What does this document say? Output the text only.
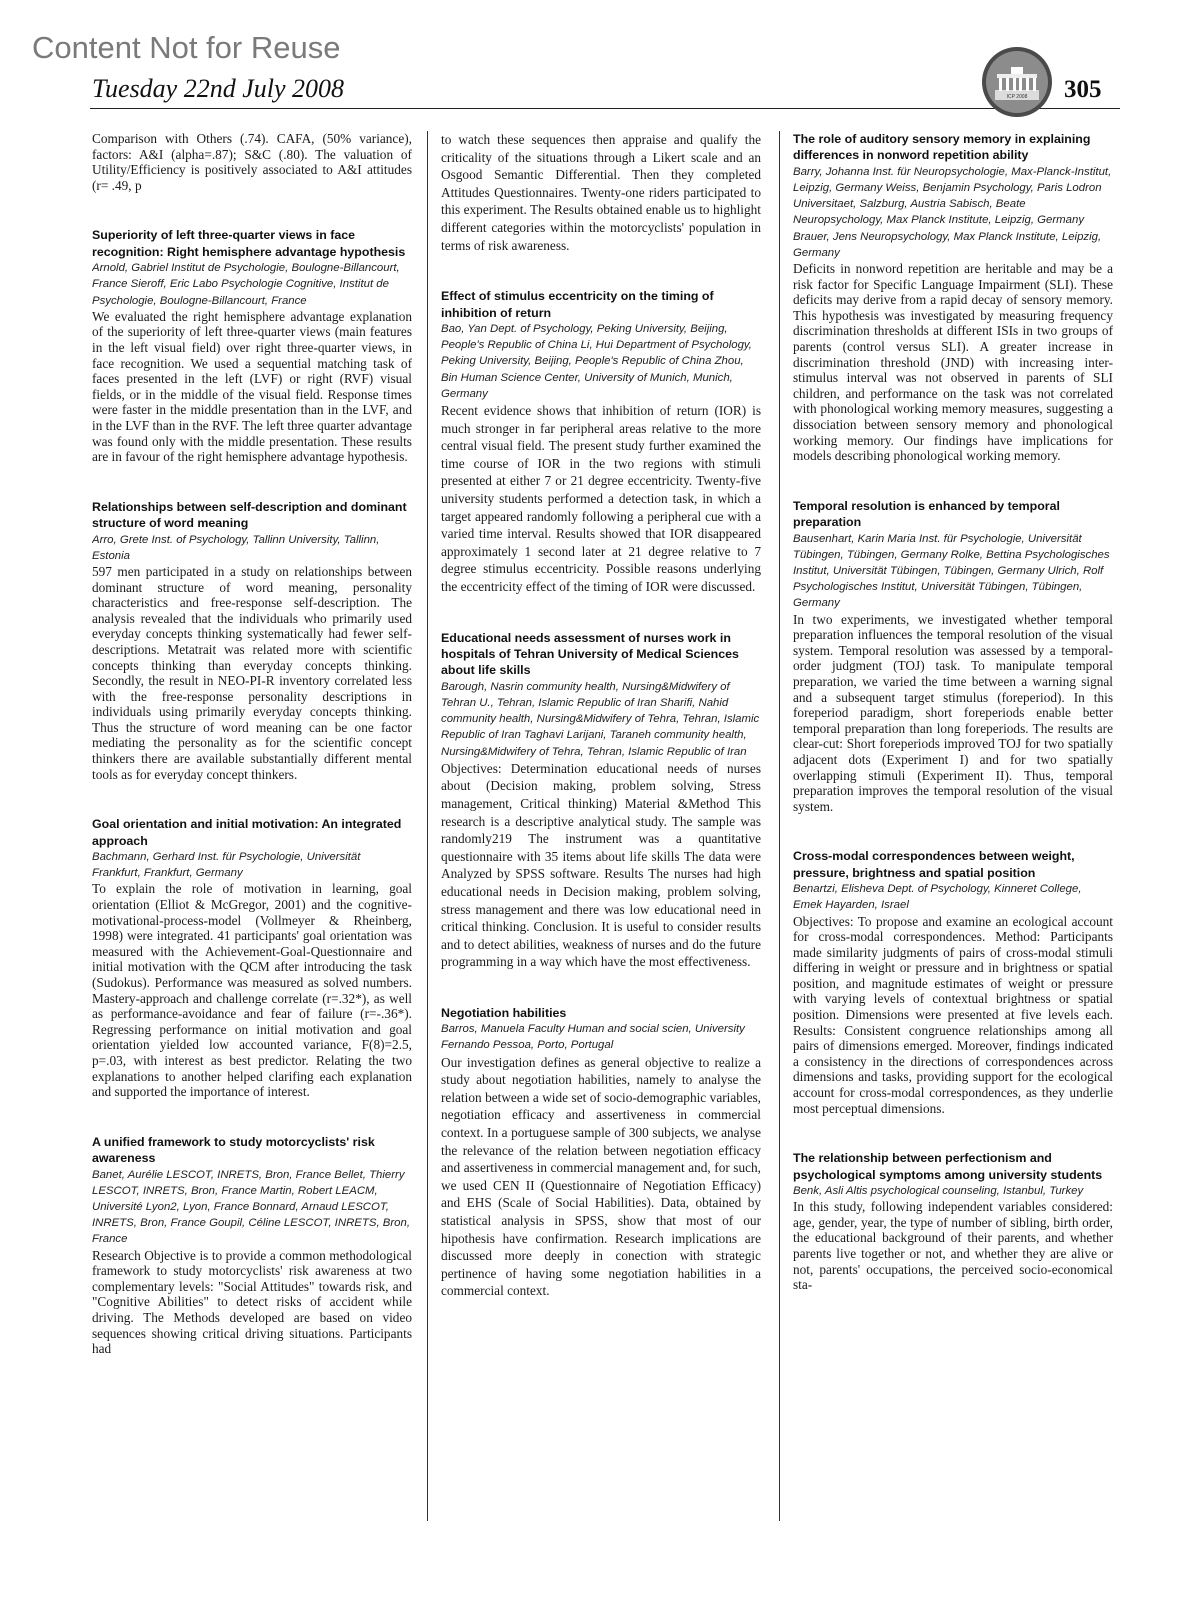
Content Not for Reuse
Tuesday 22nd July 2008	ICP 2008 305

Comparison with Others (.74). CAFA, (50% variance), factors: A&I (alpha=.87); S&C (.80). The valuation of Utility/Efficiency is positively associated to A&I attitudes (r= .49, p

Superiority of left three-quarter views in face recognition: Right hemisphere advantage hypothesis

Arnold, Gabriel Institut de Psychologie, Boulogne-Billancourt, France Sieroff, Eric Labo Psychologie Cognitive, Institut de Psychologie, Boulogne-Billancourt, France

We evaluated the right hemisphere advantage explanation of the superiority of left three-quarter views (main features in the left visual field) over right three-quarter views, in face recognition. We used a sequential matching task of faces presented in the left (LVF) or right (RVF) visual fields, or in the middle of the visual field. Response times were faster in the middle presentation than in the LVF, and in the LVF than in the RVF. The left three quarter advantage was found only with the middle presentation. These results are in favour of the right hemisphere advantage hypothesis.

Relationships between self-description and dominant structure of word meaning

Arro, Grete Inst. of Psychology, Tallinn University, Tallinn, Estonia

597 men participated in a study on relationships between dominant structure of word meaning, personality characteristics and free-response self-description. The analysis revealed that the individuals who primarily used everyday concepts thinking systematically had fewer self-descriptions. Metatrait was related more with scientific concepts thinking than everyday concepts thinking. Secondly, the result in NEO-PI-R inventory correlated less with the free-response personality descriptions in individuals using primarily everyday concepts thinking. Thus the structure of word meaning can be one factor mediating the personality as for the scientific concept thinkers there are available substantially different mental tools as for everyday concept thinkers.

Goal orientation and initial motivation: An integrated approach

Bachmann, Gerhard Inst. für Psychologie, Universität Frankfurt, Frankfurt, Germany

To explain the role of motivation in learning, goal orientation (Elliot & McGregor, 2001) and the cognitive-motivational-process-model (Vollmeyer & Rheinberg, 1998) were integrated. 41 participants' goal orientation was measured with the Achievement-Goal-Questionnaire and initial motivation with the QCM after introducing the task (Sudokus). Performance was measured as solved numbers. Mastery-approach and challenge correlate (r=.32*), as well as performance-avoidance and fear of failure (r=-.36*). Regressing performance on initial motivation and goal orientation yielded low accounted variance, F(8)=2.5, p=.03, with interest as best predictor. Relating the two explanations to another helped clarifing each explanation and supported the importance of interest.

A unified framework to study motorcyclists' risk awareness

Banet, Aurélie LESCOT, INRETS, Bron, France Bellet, Thierry LESCOT, INRETS, Bron, France Martin, Robert LEACM, Université Lyon2, Lyon, France Bonnard, Arnaud LESCOT, INRETS, Bron, France Goupil, Céline LESCOT, INRETS, Bron, France

Research Objective is to provide a common methodological framework to study motorcyclists' risk awareness at two complementary levels: "Social Attitudes" towards risk, and "Cognitive Abilities" to detect risks of accident while driving. The Methods developed are based on video sequences showing critical driving situations. Participants had

to watch these sequences then appraise and qualify the criticality of the situations through a Likert scale and an Osgood Semantic Differential. Then they completed Attitudes Questionnaires. Twenty-one riders participated to this experiment. The Results obtained enable us to highlight different categories within the motorcyclists' population in terms of risk awareness.

Effect of stimulus eccentricity on the timing of inhibition of return

Bao, Yan Dept. of Psychology, Peking University, Beijing, People's Republic of China Li, Hui Department of Psychology, Peking University, Beijing, People's Republic of China Zhou, Bin Human Science Center, University of Munich, Munich, Germany

Recent evidence shows that inhibition of return (IOR) is much stronger in far peripheral areas relative to the more central visual field. The present study further examined the time course of IOR in the two regions with stimuli presented at either 7 or 21 degree eccentricity. Twenty-five university students performed a detection task, in which a target appeared randomly following a peripheral cue with a varied time interval. Results showed that IOR disappeared approximately 1 second later at 21 degree relative to 7 degree stimulus eccentricity. Possible reasons underlying the eccentricity effect of the timing of IOR were discussed.

Educational needs assessment of nurses work in hospitals of Tehran University of Medical Sciences about life skills

Barough, Nasrin community health, Nursing&Midwifery of Tehran U., Tehran, Islamic Republic of Iran Sharifi, Nahid community health, Nursing&Midwifery of Tehra, Tehran, Islamic Republic of Iran Taghavi Larijani, Taraneh community health, Nursing&Midwifery of Tehra, Tehran, Islamic Republic of Iran

Objectives: Determination educational needs of nurses about (Decision making, problem solving, Stress management, Critical thinking) Material &Method This research is a descriptive analytical study. The sample was randomly219 The instrument was a quantitative questionnaire with 35 items about life skills The data were Analyzed by SPSS software. Results The nurses had high educational needs in Decision making, problem solving, stress management and there was low educational need in critical thinking. Conclusion. It is useful to consider results and to detect abilities, weakness of nurses and do the future programming in a way which have the most effectiveness.

Negotiation habilities

Barros, Manuela Faculty Human and social scien, University Fernando Pessoa, Porto, Portugal

Our investigation defines as general objective to realize a study about negotiation habilities, namely to analyse the relation between a wide set of socio-demographic variables, negotiation efficacy and assertiveness in commercial context. In a portuguese sample of 300 subjects, we analyse the relevance of the relation between negotiation efficacy and assertiveness in commercial management and, for such, we used CEN II (Questionnaire of Negotiation Efficacy) and EHS (Scale of Social Habilities). Data, obtained by statistical analysis in SPSS, show that most of our hipothesis have confirmation. Research implications are discussed more deeply in conection with strategic pertinence of having some negotiation habilities in a commercial context.

The role of auditory sensory memory in explaining differences in nonword repetition ability

Barry, Johanna Inst. für Neuropsychologie, Max-Planck-Institut, Leipzig, Germany Weiss, Benjamin Psychology, Paris Lodron Universitaet, Salzburg, Austria Sabisch, Beate Neuropsychology, Max Planck Institute, Leipzig, Germany Brauer, Jens Neuropsychology, Max Planck Institute, Leipzig, Germany

Deficits in nonword repetition are heritable and may be a risk factor for Specific Language Impairment (SLI). These deficits may derive from a rapid decay of sensory memory. This hypothesis was investigated by measuring frequency discrimination thresholds at different ISIs in two groups of parents (control versus SLI). A greater increase in discrimination threshold (JND) with increasing inter-stimulus interval was not observed in parents of SLI children, and performance on the task was not correlated with phonological working memory measures, suggesting a dissociation between sensory memory and phonological working memory. Our findings have implications for models describing phonological working memory.

Temporal resolution is enhanced by temporal preparation

Bausenhart, Karin Maria Inst. für Psychologie, Universität Tübingen, Tübingen, Germany Rolke, Bettina Psychologisches Institut, Universität Tübingen, Tübingen, Germany Ulrich, Rolf Psychologisches Institut, Universität Tübingen, Tübingen, Germany

In two experiments, we investigated whether temporal preparation influences the temporal resolution of the visual system. Temporal resolution was assessed by a temporal-order judgment (TOJ) task. To manipulate temporal preparation, we varied the time between a warning signal and a subsequent target stimulus (foreperiod). In this foreperiod paradigm, short foreperiods enable better temporal preparation than long foreperiods. The results are clear-cut: Short foreperiods improved TOJ for two spatially adjacent dots (Experiment I) and for two spatially overlapping stimuli (Experiment II). Thus, temporal preparation improves the temporal resolution of the visual system.

Cross-modal correspondences between weight, pressure, brightness and spatial position

Benartzi, Elisheva Dept. of Psychology, Kinneret College, Emek Hayarden, Israel

Objectives: To propose and examine an ecological account for cross-modal correspondences. Method: Participants made similarity judgments of pairs of cross-modal stimuli differing in weight or pressure and in brightness or spatial position, and magnitude estimates of weight or pressure with varying levels of contextual brightness or spatial position. Dimensions were presented at five levels each. Results: Consistent congruence relationships among all pairs of dimensions emerged. Moreover, findings indicated a consistency in the directions of correspondences across dimensions and tasks, providing support for the ecological account for cross-modal correspondences, as they underlie most perceptual dimensions.

The relationship between perfectionism and psychological symptoms among university students

Benk, Asli Altis psychological counseling, Istanbul, Turkey

In this study, following independent variables considered: age, gender, year, the type of number of sibling, birth order, the educational background of their parents, and whether parents live together or not, and whether they are alive or not, parents' occupations, the perceived socio-economical sta-
